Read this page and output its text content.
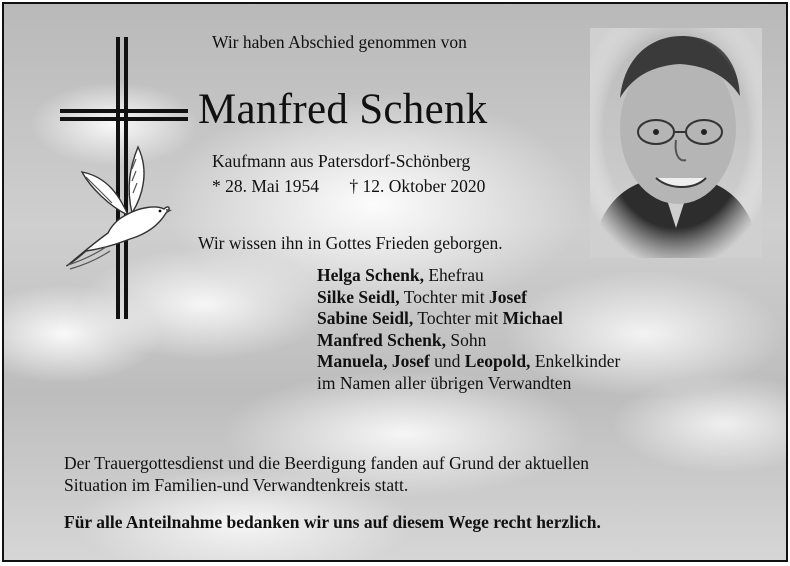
Wir haben Abschied genommen von

Manfred Schenk

Kaufmann aus Patersdorf-Schönberg

* 28. Mai 1954 † 12. Oktober 2020

Wir wissen ihn in Gottes Frieden geborgen.

Helga Schenk, Ehefrau
Silke Seidl, Tochter mit Josef
Sabine Seidl, Tochter mit Michael
Manfred Schenk, Sohn
Manuela, Josef und Leopold, Enkelkinder
im Namen aller übrigen Verwandten
Der Trauergottesdienst und die Beerdigung fanden auf Grund der aktuellen
Situation im Familien-und Verwandtenkreis statt.

Für alle Anteilnahme bedanken wir uns auf diesem Wege recht herzlich.
